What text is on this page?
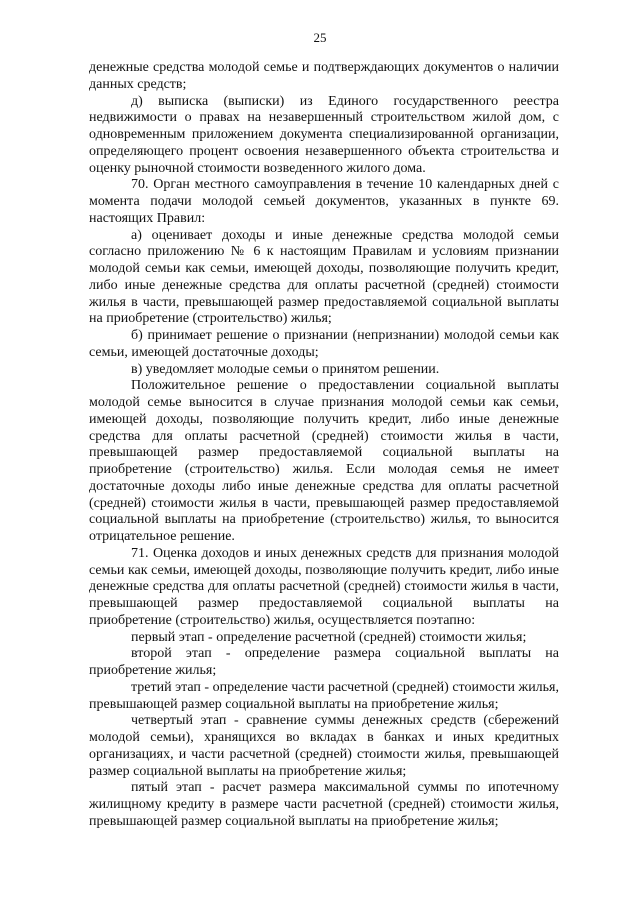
25

денежные средства молодой семье и подтверждающих документов о наличии данных средств;

д) выписка (выписки) из Единого государственного реестра недвижимости о правах на незавершенный строительством жилой дом, с одновременным приложением документа специализированной организации, определяющего процент освоения незавершенного объекта строительства и оценку рыночной стоимости возведенного жилого дома.

70. Орган местного самоуправления в течение 10 календарных дней с момента подачи молодой семьей документов, указанных в пункте 69. настоящих Правил:

а) оценивает доходы и иные денежные средства молодой семьи согласно приложению № 6 к настоящим Правилам и условиям признании молодой семьи как семьи, имеющей доходы, позволяющие получить кредит, либо иные денежные средства для оплаты расчетной (средней) стоимости жилья в части, превышающей размер предоставляемой социальной выплаты на приобретение (строительство) жилья;

б) принимает решение о признании (непризнании) молодой семьи как семьи, имеющей достаточные доходы;

в) уведомляет молодые семьи о принятом решении.

Положительное решение о предоставлении социальной выплаты молодой семье выносится в случае признания молодой семьи как семьи, имеющей доходы, позволяющие получить кредит, либо иные денежные средства для оплаты расчетной (средней) стоимости жилья в части, превышающей размер предоставляемой социальной выплаты на приобретение (строительство) жилья. Если молодая семья не имеет достаточные доходы либо иные денежные средства для оплаты расчетной (средней) стоимости жилья в части, превышающей размер предоставляемой социальной выплаты на приобретение (строительство) жилья, то выносится отрицательное решение.

71. Оценка доходов и иных денежных средств для признания молодой семьи как семьи, имеющей доходы, позволяющие получить кредит, либо иные денежные средства для оплаты расчетной (средней) стоимости жилья в части, превышающей размер предоставляемой социальной выплаты на приобретение (строительство) жилья, осуществляется поэтапно:

первый этап - определение расчетной (средней) стоимости жилья;

второй этап - определение размера социальной выплаты на приобретение жилья;

третий этап - определение части расчетной (средней) стоимости жилья, превышающей размер социальной выплаты на приобретение жилья;

четвертый этап - сравнение суммы денежных средств (сбережений молодой семьи), хранящихся во вкладах в банках и иных кредитных организациях, и части расчетной (средней) стоимости жилья, превышающей размер социальной выплаты на приобретение жилья;

пятый этап - расчет размера максимальной суммы по ипотечному жилищному кредиту в размере части расчетной (средней) стоимости жилья, превышающей размер социальной выплаты на приобретение жилья;
